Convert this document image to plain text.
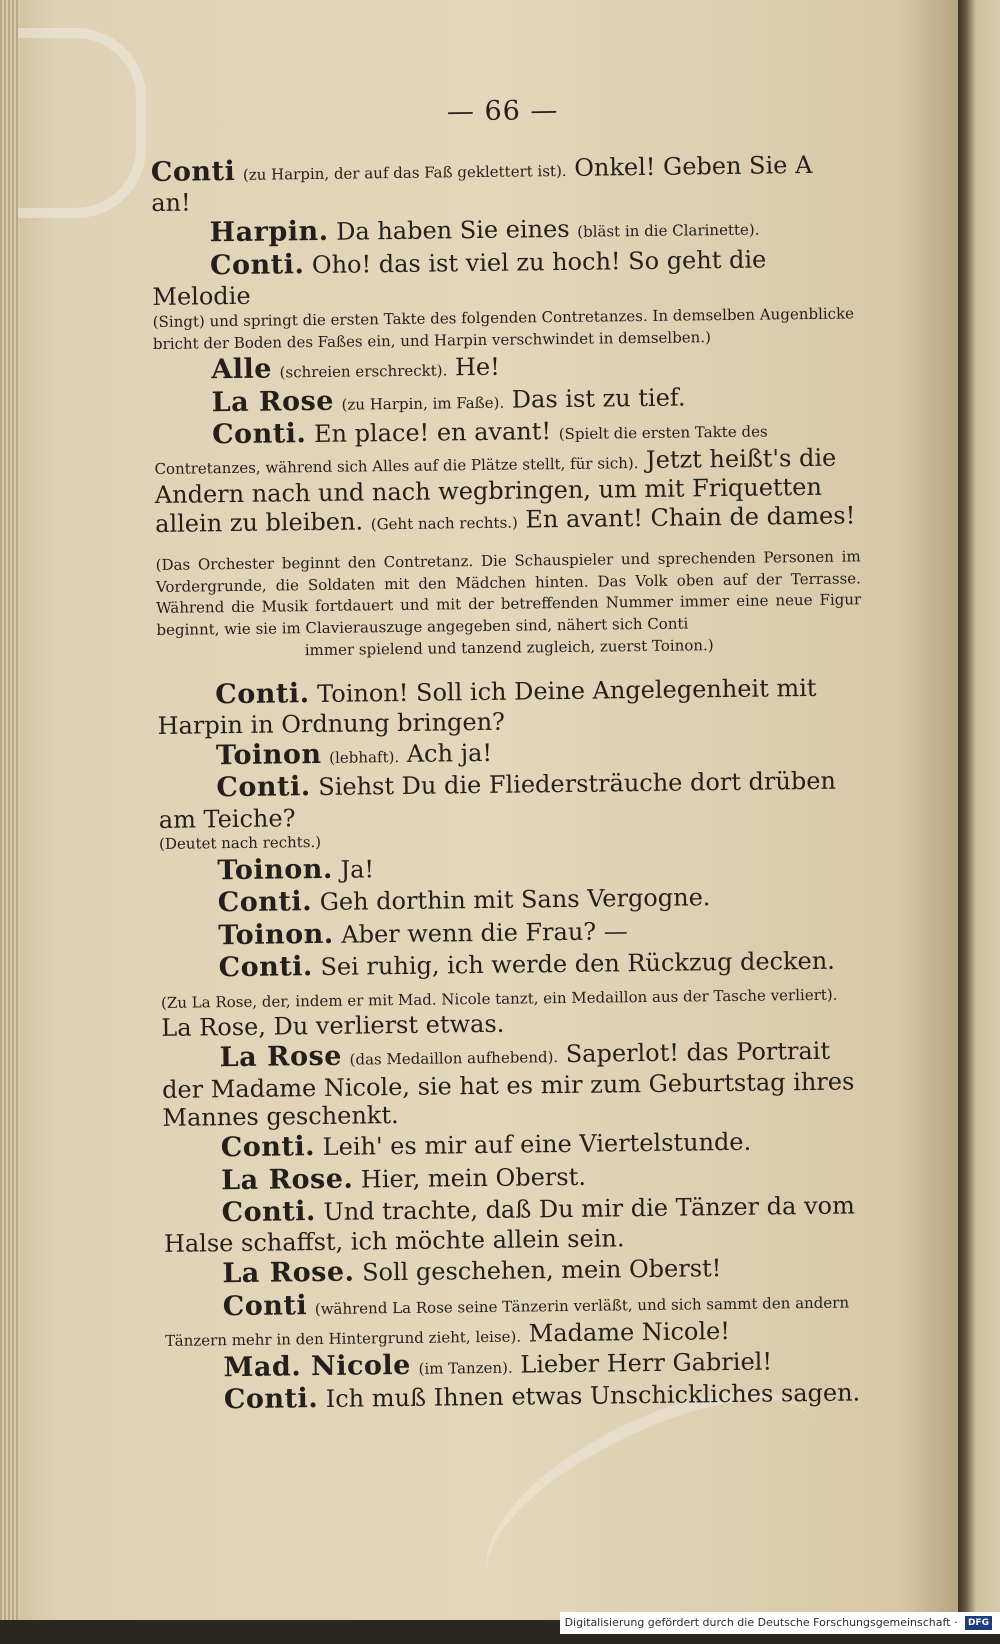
— 66 —

Conti (zu Harpin, der auf das Faß geklettert ist). Onkel! Geben Sie A an!

Harpin. Da haben Sie eines (bläst in die Clarinette).

Conti. Oho! das ist viel zu hoch! So geht die Melodie

(Singt) und springt die ersten Takte des folgenden Contretanzes. In demselben Augenblicke bricht der Boden des Faßes ein, und Harpin verschwindet in demselben.)

Alle (schreien erschreckt). He!

La Rose (zu Harpin, im Faße). Das ist zu tief.

Conti. En place! en avant! (Spielt die ersten Takte des Contretanzes, während sich Alles auf die Plätze stellt, für sich). Jetzt heißt's die Andern nach und nach wegbringen, um mit Friquetten allein zu bleiben. (Geht nach rechts.) En avant! Chain de dames!

(Das Orchester beginnt den Contretanz. Die Schauspieler und sprechenden Personen im Vordergrunde, die Soldaten mit den Mädchen hinten. Das Volk oben auf der Terrasse. Während die Musik fortdauert und mit der betreffenden Nummer immer eine neue Figur beginnt, wie sie im Clavierauszuge angegeben sind, nähert sich Conti
immer spielend und tanzend zugleich, zuerst Toinon.)

Conti. Toinon! Soll ich Deine Angelegenheit mit Harpin in Ordnung bringen?

Toinon (lebhaft). Ach ja!

Conti. Siehst Du die Fliedersträuche dort drüben am Teiche?

(Deutet nach rechts.)

Toinon. Ja!

Conti. Geh dorthin mit Sans Vergogne.

Toinon. Aber wenn die Frau? —

Conti. Sei ruhig, ich werde den Rückzug decken. (Zu La Rose, der, indem er mit Mad. Nicole tanzt, ein Medaillon aus der Tasche verliert). La Rose, Du verlierst etwas.

La Rose (das Medaillon aufhebend). Saperlot! das Portrait der Madame Nicole, sie hat es mir zum Geburtstag ihres Mannes geschenkt.

Conti. Leih' es mir auf eine Viertelstunde.

La Rose. Hier, mein Oberst.

Conti. Und trachte, daß Du mir die Tänzer da vom Halse schaffst, ich möchte allein sein.

La Rose. Soll geschehen, mein Oberst!

Conti (während La Rose seine Tänzerin verläßt, und sich sammt den andern Tänzern mehr in den Hintergrund zieht, leise). Madame Nicole!

Mad. Nicole (im Tanzen). Lieber Herr Gabriel!

Conti. Ich muß Ihnen etwas Unschickliches sagen.

Digitalisierung gefördert durch die Deutsche Forschungsgemeinschaft · DFG
